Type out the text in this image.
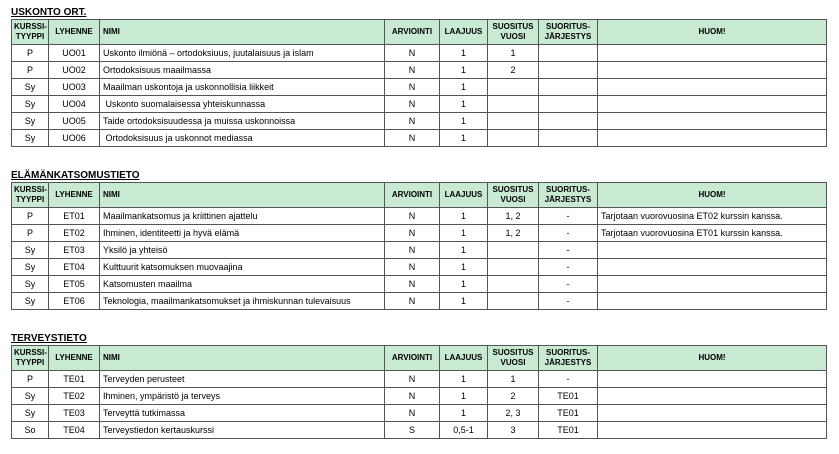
USKONTO ORT.
KURSSI-
TYYPPI	LYHENNE	NIMI	ARVIOINTI	LAAJUUS	SUOSITUS
VUOSI	SUORITUS-
JÄRJESTYS	HUOM!
P	UO01	Uskonto ilmiönä – ortodoksiuus, juutalaisuus ja islam	N	1	1		
P	UO02	Ortodoksisuus maailmassa	N	1	2		
Sy	UO03	Maailman uskontoja ja uskonnollisia liikkeit	N	1			
Sy	UO04	Uskonto suomalaisessa yhteiskunnassa	N	1			
Sy	UO05	Taide ortodoksisuudessa ja muissa uskonnoissa	N	1			
Sy	UO06	Ortodoksisuus ja uskonnot mediassa	N	1			
ELÄMÄNKATSOMUSTIETO
KURSSI-
TYYPPI	LYHENNE	NIMI	ARVIOINTI	LAAJUUS	SUOSITUS
VUOSI	SUORITUS-
JÄRJESTYS	HUOM!
P	ET01	Maailmankatsomus ja kriittinen ajattelu	N	1	1, 2	-	Tarjotaan vuorovuosina ET02 kurssin kanssa.
P	ET02	Ihminen, identiteetti ja hyvä elämä	N	1	1, 2	-	Tarjotaan vuorovuosina ET01 kurssin kanssa.
Sy	ET03	Yksilö ja yhteisö	N	1		-	
Sy	ET04	Kulttuurit katsomuksen muovaajina	N	1		-	
Sy	ET05	Katsomusten maailma	N	1		-	
Sy	ET06	Teknologia, maailmankatsomukset ja ihmiskunnan tulevaisuus	N	1		-	
TERVEYSTIETO
KURSSI-
TYYPPI	LYHENNE	NIMI	ARVIOINTI	LAAJUUS	SUOSITUS
VUOSI	SUORITUS-
JÄRJESTYS	HUOM!
P	TE01	Terveyden perusteet	N	1	1	-	
Sy	TE02	Ihminen, ympäristö ja terveys	N	1	2	TE01	
Sy	TE03	Terveyttä tutkimassa	N	1	2, 3	TE01	
So	TE04	Terveystiedon kertauskurssi	S	0,5-1	3	TE01	
